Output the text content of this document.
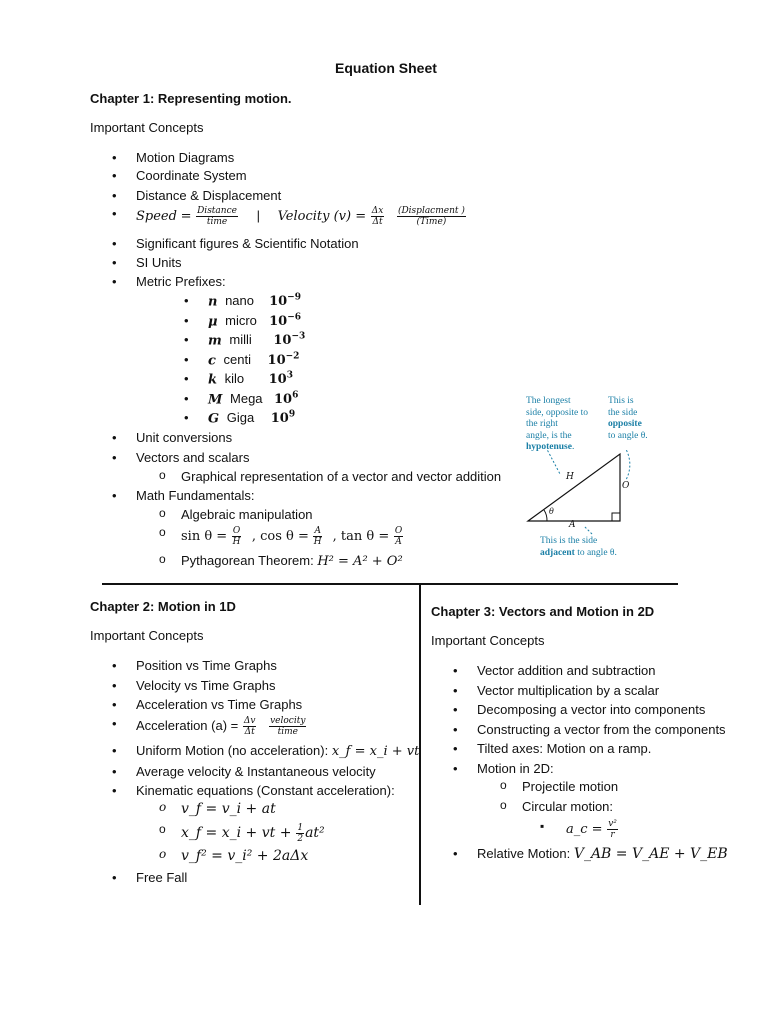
Equation Sheet
Chapter 1: Representing motion.
Important Concepts
• Motion Diagrams
• Coordinate System
• Distance & Displacement
• Speed = $\frac{\text{Distance}}{\text{time}}$ | Velocity $(v) = \frac{\Delta x}{\Delta t}$
$\frac{\text{(Displacment )}}{\text{(Time)}}$
• Significant figures & Scientific Notation
• SI Units
• Metric Prefixes:
• n nano $10^{-9}$
• μ micro $10^{-6}$
• m milli $10^{-3}$
• c centi $10^{-2}$
• k kilo $10^3$
• M Mega $10^6$
• G Giga $10^9$
• Unit conversions
• Vectors and scalars
o Graphical representation of a vector and vector addition
• Math Fundamentals:
o Algebraic manipulation
o $\sin \theta = \frac{O}{H}$ , $\cos \theta = \frac{A}{H}$ , $\tan \theta = \frac{O}{A}$
o Pythagorean Theorem: H² = A² + O²
The longest
side, opposite to
the right
angle, is the
hypotenuse.
This is
the side
opposite
to angle θ.
This is the side
adjacent to angle θ.
H
O
A
θ
Chapter 2: Motion in 1D
Important Concepts
• Position vs Time Graphs
• Velocity vs Time Graphs
• Acceleration vs Time Graphs
• Acceleration $(a) = \frac{\Delta v}{\Delta t}$
$\frac{\text{velocity}}{\text{time}}$
• Uniform Motion (no acceleration): x_f = x_i + vt
• Average velocity & Instantaneous velocity
• Kinematic equations (Constant acceleration):
o v_f = v_i + at
o x_f = x_i + vt + $\frac{1}{2} at^2$
o v_f² = v_i² + 2aΔx
• Free Fall
Chapter 3: Vectors and Motion in 2D
Important Concepts
• Vector addition and subtraction
• Vector multiplication by a scalar
• Decomposing a vector into components
• Constructing a vector from the components
• Tilted axes: Motion on a ramp.
• Motion in 2D:
o Projectile motion
o Circular motion:
▪ a_c = $\frac{\text{v²}}{r}$
• Relative Motion: V_AB = V_AE + V_EB
